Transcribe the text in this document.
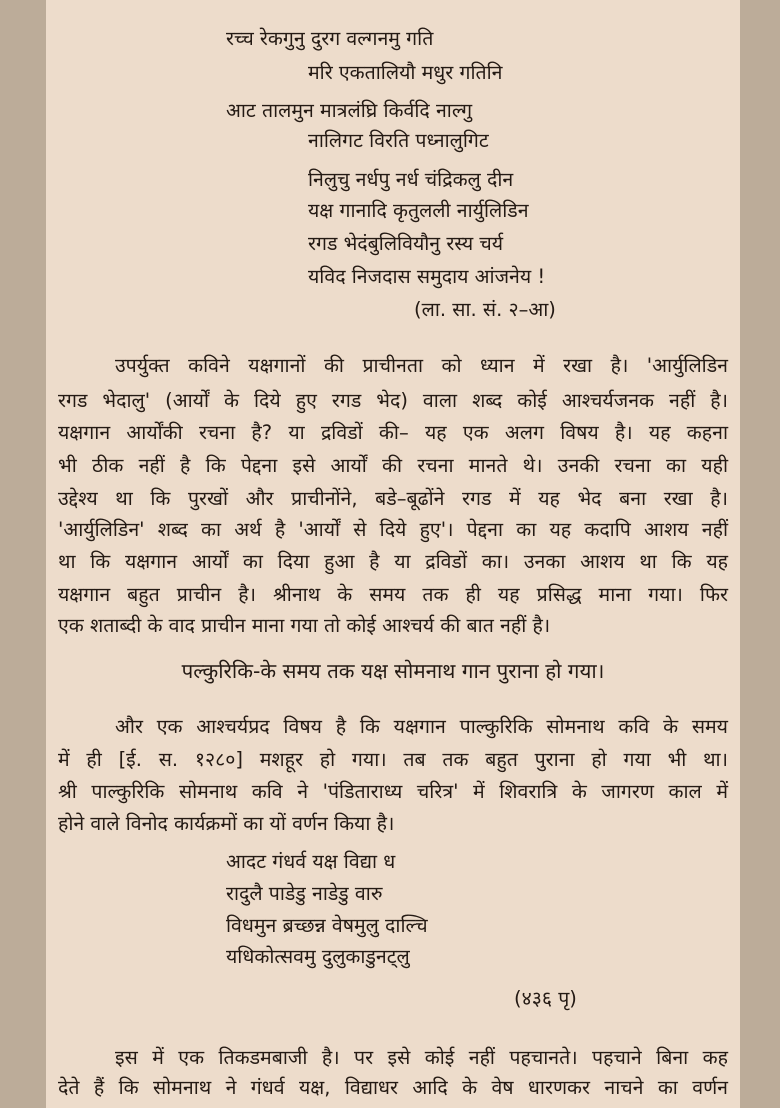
रच्च रेकगुनु दुरग वल्गनमु गति
मरि एकतालियौ मधुर गतिनि
आट तालमुन मात्रलंघ्रि किर्वदि नाल्गु
नालिगट विरति पध्नालुगिट
निलुचु नर्धपु नर्ध चंद्रिकलु दीन
यक्ष गानादि कृतुलली नार्युलिडिन
रगड भेदंबुलिवियौनु रस्य चर्य
यविद निजदास समुदाय आंजनेय !
(ला. सा. सं. २–आ)
उपर्युक्त कविने यक्षगानों की प्राचीनता को ध्यान में रखा है। 'आर्युलिडिन
रगड भेदालु' (आर्यों के दिये हुए रगड भेद) वाला शब्द कोई आश्चर्यजनक नहीं है।
यक्षगान आर्योंकी रचना है? या द्रविडों की– यह एक अलग विषय है। यह कहना
भी ठीक नहीं है कि पेद्दना इसे आर्यों की रचना मानते थे। उनकी रचना का यही
उद्देश्य था कि पुरखों और प्राचीनोंने, बडे–बूढोंने रगड में यह भेद बना रखा है।
'आर्युलिडिन' शब्द का अर्थ है 'आर्यों से दिये हुए'। पेद्दना का यह कदापि आशय नहीं
था कि यक्षगान आर्यों का दिया हुआ है या द्रविडों का। उनका आशय था कि यह
यक्षगान बहुत प्राचीन है। श्रीनाथ के समय तक ही यह प्रसिद्ध माना गया। फिर
एक शताब्दी के वाद प्राचीन माना गया तो कोई आश्चर्य की बात नहीं है।
पल्कुरिकि-के समय तक यक्ष सोमनाथ गान पुराना हो गया।
और एक आश्चर्यप्रद विषय है कि यक्षगान पाल्कुरिकि सोमनाथ कवि के समय
में ही [ई. स. १२८०] मशहूर हो गया। तब तक बहुत पुराना हो गया भी था।
श्री पाल्कुरिकि सोमनाथ कवि ने 'पंडिताराध्य चरित्र' में शिवरात्रि के जागरण काल में
होने वाले विनोद कार्यक्रमों का यों वर्णन किया है।
आदट गंधर्व यक्ष विद्या ध
रादुलै पाडेडु नाडेडु वारु
विधमुन ब्रच्छन्न वेषमुलु दाल्चि
यधिकोत्सवमु दुलुकाडुनट्लु
(४३६ पृ)
इस में एक तिकडमबाजी है। पर इसे कोई नहीं पहचानते। पहचाने बिना कह
देते हैं कि सोमनाथ ने गंधर्व यक्ष, विद्याधर आदि के वेष धारणकर नाचने का वर्णन
